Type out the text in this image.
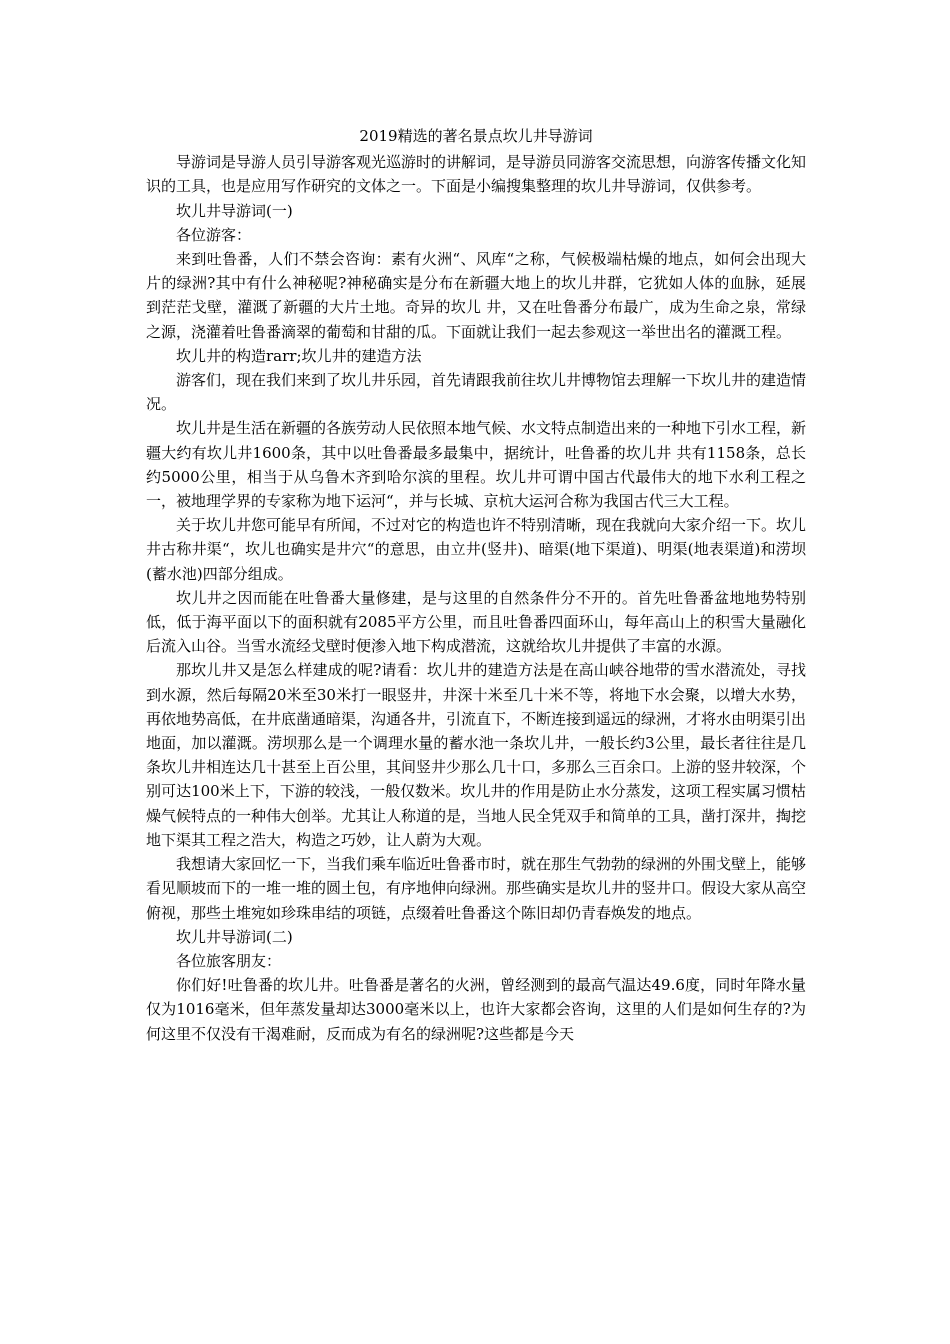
2019精选的著名景点坎儿井导游词

导游词是导游人员引导游客观光巡游时的讲解词，是导游员同游客交流思想，向游客传播文化知识的工具，也是应用写作研究的文体之一。下面是小编搜集整理的坎儿井导游词，仅供参考。

坎儿井导游词(一)

各位游客：

来到吐鲁番，人们不禁会咨询：素有火洲“、风库“之称，气候极端枯燥的地点，如何会出现大片的绿洲?其中有什么神秘呢?神秘确实是分布在新疆大地上的坎儿井群，它犹如人体的血脉，延展到茫茫戈壁，灌溉了新疆的大片土地。奇异的坎儿 井，又在吐鲁番分布最广，成为生命之泉，常绿之源，浇灌着吐鲁番滴翠的葡萄和甘甜的瓜。下面就让我们一起去参观这一举世出名的灌溉工程。

坎儿井的构造rarr;坎儿井的建造方法

游客们，现在我们来到了坎儿井乐园，首先请跟我前往坎儿井博物馆去理解一下坎儿井的建造情况。

坎儿井是生活在新疆的各族劳动人民依照本地气候、水文特点制造出来的一种地下引水工程，新疆大约有坎儿井1600条，其中以吐鲁番最多最集中，据统计，吐鲁番的坎儿井 共有1158条，总长约5000公里，相当于从乌鲁木齐到哈尔滨的里程。坎儿井可谓中国古代最伟大的地下水利工程之一，被地理学界的专家称为地下运河“，并与长城、京杭大运河合称为我国古代三大工程。

关于坎儿井您可能早有所闻，不过对它的构造也许不特别清晰，现在我就向大家介绍一下。坎儿井古称井渠“，坎儿也确实是井穴“的意思，由立井(竖井)、暗渠(地下渠道)、明渠(地表渠道)和涝坝(蓄水池)四部分组成。

坎儿井之因而能在吐鲁番大量修建，是与这里的自然条件分不开的。首先吐鲁番盆地地势特别低，低于海平面以下的面积就有2085平方公里，而且吐鲁番四面环山，每年高山上的积雪大量融化后流入山谷。当雪水流经戈壁时便渗入地下构成潜流，这就给坎儿井提供了丰富的水源。

那坎儿井又是怎么样建成的呢?请看：坎儿井的建造方法是在高山峡谷地带的雪水潜流处，寻找到水源，然后每隔20米至30米打一眼竖井，井深十米至几十米不等，将地下水会聚，以增大水势，再依地势高低，在井底凿通暗渠，沟通各井，引流直下，不断连接到遥远的绿洲，才将水由明渠引出地面，加以灌溉。涝坝那么是一个调理水量的蓄水池一条坎儿井，一般长约3公里，最长者往往是几条坎儿井相连达几十甚至上百公里，其间竖井少那么几十口，多那么三百余口。上游的竖井较深，个别可达100米上下，下游的较浅，一般仅数米。坎儿井的作用是防止水分蒸发，这项工程实属习惯枯燥气候特点的一种伟大创举。尤其让人称道的是，当地人民全凭双手和简单的工具，凿打深井，掏挖地下渠其工程之浩大，构造之巧妙，让人蔚为大观。

我想请大家回忆一下，当我们乘车临近吐鲁番市时，就在那生气勃勃的绿洲的外围戈壁上，能够看见顺坡而下的一堆一堆的圆土包，有序地伸向绿洲。那些确实是坎儿井的竖井口。假设大家从高空俯视，那些土堆宛如珍珠串结的项链，点缀着吐鲁番这个陈旧却仍青春焕发的地点。

坎儿井导游词(二)

各位旅客朋友：

你们好!吐鲁番的坎儿井。吐鲁番是著名的火洲，曾经测到的最高气温达49.6度，同时年降水量仅为1016毫米，但年蒸发量却达3000毫米以上，也许大家都会咨询，这里的人们是如何生存的?为何这里不仅没有干渴难耐，反而成为有名的绿洲呢?这些都是今天
